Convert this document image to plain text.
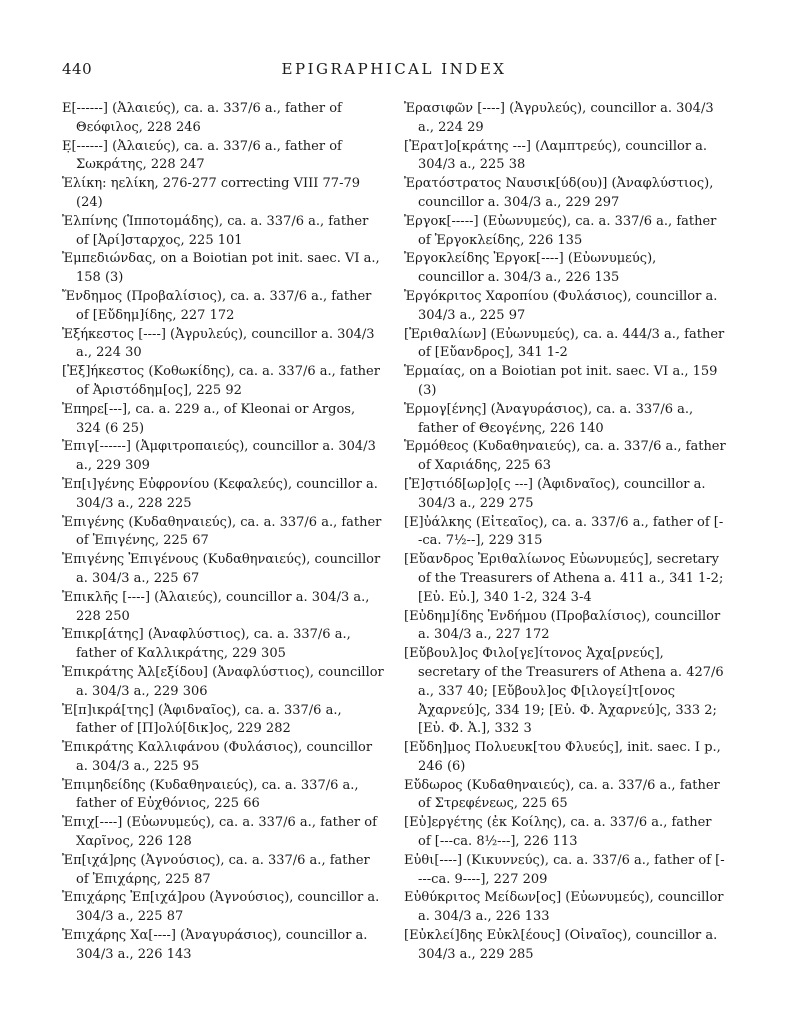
440	EPIGRAPHICAL INDEX

Ε[------] (Ἀλαιεύς), ca. a. 337/6 a., father of Θεόφιλος, 228 246

Ε̣[------] (Ἀλαιεύς), ca. a. 337/6 a., father of Σωκράτης, 228 247

Ἑλίκη: ηελίκη, 276-277 correcting VIII 77-79 (24)

Ἐλπίνης (Ἱπποτομάδης), ca. a. 337/6 a., father of [Ἀρί]σταρχος, 225 101

Ἐμπεδιώνδας, on a Boiotian pot init. saec. VI a., 158 (3)

Ἔνδημος (Προβαλίσιος), ca. a. 337/6 a., father of [Εὔδημ]ίδης, 227 172

Ἐξήκεστος [----] (Ἀγρυλεύς), councillor a. 304/3 a., 224 30

[Ἐξ]ήκεστος (Κοθωκίδης), ca. a. 337/6 a., father of Ἀριστόδημ[ος], 225 92

Ἐπηρε[---], ca. a. 229 a., of Kleonai or Argos, 324 (6 25)

Ἐπιγ[------] (Ἀμφιτροπαιεύς), councillor a. 304/3 a., 229 309

Ἐπ[ι]γένης Εὐφρονίου (Κεφαλεύς), councillor a. 304/3 a., 228 225

Ἐπιγένης (Κυδαθηναιεύς), ca. a. 337/6 a., father of Ἐπιγένης, 225 67

Ἐπιγένης Ἐπιγένους (Κυδαθηναιεύς), councillor a. 304/3 a., 225 67

Ἐπικλῆς [----] (Ἀλαιεύς), councillor a. 304/3 a., 228 250

Ἐπικρ[άτης] (Ἀναφλύστιος), ca. a. 337/6 a., father of Καλλικράτης, 229 305

Ἐπικράτης Ἀλ[εξίδου] (Ἀναφλύστιος), councillor a. 304/3 a., 229 306

Ἐ[π]ικρά[της] (Ἀφιδναῖος), ca. a. 337/6 a., father of [Π]ολύ[δικ]ος, 229 282

Ἐπικράτης Καλλιφάνου (Φυλάσιος), councillor a. 304/3 a., 225 95

Ἐπιμηδείδης (Κυδαθηναιεύς), ca. a. 337/6 a., father of Εὐχθόνιος, 225 66

Ἐπιχ[----] (Εὐωνυμεύς), ca. a. 337/6 a., father of Χαρῖνος, 226 128

Ἐπ[ιχά]ρης (Ἀγνούσιος), ca. a. 337/6 a., father of Ἐπιχάρης, 225 87

Ἐπιχάρης Ἐπ[ιχά]ρου (Ἀγνούσιος), councillor a. 304/3 a., 225 87

Ἐπιχάρης Χα[----] (Ἀναγυράσιος), councillor a. 304/3 a., 226 143

Ἐρασιφῶν [----] (Ἀγρυλεύς), councillor a. 304/3 a., 224 29

[Ἐρατ]ο[κράτης ---] (Λαμπτρεύς), councillor a. 304/3 a., 225 38

Ἐρατόστρατος Ναυσικ[ύδ(ου)] (Ἀναφλύστιος), councillor a. 304/3 a., 229 297

Ἐργοκ[-----] (Εὐωνυμεύς), ca. a. 337/6 a., father of Ἐργοκλείδης, 226 135

Ἐργοκλείδης Ἐργοκ[----] (Εὐωνυμεύς), councillor a. 304/3 a., 226 135

Ἐργόκριτος Χαροπίου (Φυλάσιος), councillor a. 304/3 a., 225 97

[Ἐριθαλίων] (Εὐωνυμεύς), ca. a. 444/3 a., father of [Εὔανδρος], 341 1-2

Ἑρμαίας, on a Boiotian pot init. saec. VI a., 159 (3)

Ἑρμογ[ένης] (Ἀναγυράσιος), ca. a. 337/6 a., father of Θεογένης, 226 140

Ἑρμόθεος (Κυδαθηναιεύς), ca. a. 337/6 a., father of Χαριάδης, 225 63

[Ἐ]σ̣τιόδ[ωρ]ο̣[ς ---] (Ἀφιδναῖος), councillor a. 304/3 a., 229 275

[Ε]ὐάλκης (Εἰτεαῖος), ca. a. 337/6 a., father of [--ca. 7½--], 229 315

[Εὔανδρος Ἐριθαλίωνος Εὐωνυμεύς], secretary of the Treasurers of Athena a. 411 a., 341 1-2; [Εὐ. Εὐ.], 340 1-2, 324 3-4

[Εὐδημ]ίδης Ἐνδήμου (Προβαλίσιος), councillor a. 304/3 a., 227 172

[Εὔβουλ]ος Φιλο[γε]ίτονος Ἀχα[ρνεύς], secretary of the Treasurers of Athena a. 427/6 a., 337 40; [Εὔβουλ]ος Φ[ιλογεί]τ[ονος Ἀχαρνεύ]ς, 334 19; [Εὐ. Φ. Ἀχαρνεύ]ς, 333 2; [Εὐ. Φ. Ἀ.], 332 3

[Εὔδη]μος Πολυευκ[του Φλυεύς], init. saec. I p., 246 (6)

Εὔδωρος (Κυδαθηναιεύς), ca. a. 337/6 a., father of Στρεφένεως, 225 65

[Εὐ]εργέτης (ἐκ Κοίλης), ca. a. 337/6 a., father of [---ca. 8½---], 226 113

Εὐθι[----] (Κικυννεύς), ca. a. 337/6 a., father of [----ca. 9----], 227 209

Εὐθύκριτος Μείδων[ος] (Εὐωνυμεύς), councillor a. 304/3 a., 226 133

[Εὐκλεί]δης Εὐκλ[έους] (Οἰναῖος), councillor a. 304/3 a., 229 285
